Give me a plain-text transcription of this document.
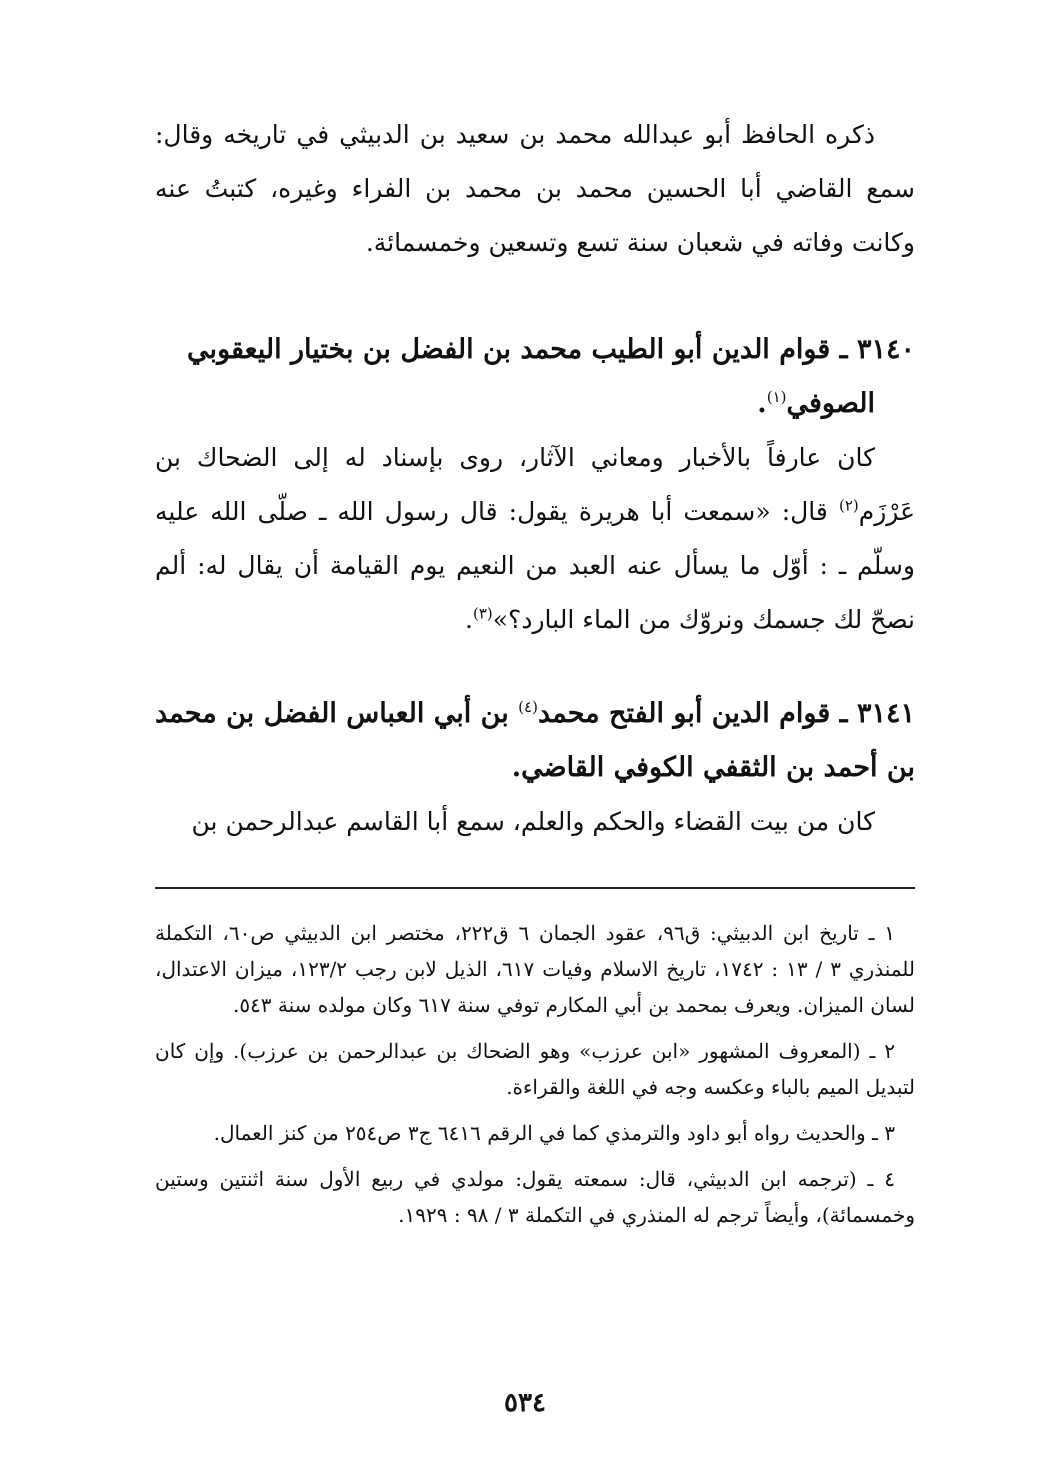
ذكره الحافظ أبو عبدالله محمد بن سعيد بن الدبيثي في تاريخه وقال: سمع القاضي أبا الحسين محمد بن محمد بن الفراء وغيره، كتبتُ عنه وكانت وفاته في شعبان سنة تسع وتسعين وخمسمائة.

٣١٤٠ ـ قوام الدين أبو الطيب محمد بن الفضل بن بختيار اليعقوبي
الصوفي$^{(١)}$.

كان عارفاً بالأخبار ومعاني الآثار، روى بإسناد له إلى الضحاك بن عَرْزَم$^{(٢)}$ قال: «سمعت أبا هريرة يقول: قال رسول الله ـ صلّى الله عليه وسلّم ـ : أوّل ما يسأل عنه العبد من النعيم يوم القيامة أن يقال له: ألم نصحّ لك جسمك ونروّك من الماء البارد؟»$^{(٣)}$.

٣١٤١ ـ قوام الدين أبو الفتح محمد$^{(٤)}$ بن أبي العباس الفضل بن محمد بن أحمد بن الثقفي الكوفي القاضي.

كان من بيت القضاء والحكم والعلم، سمع أبا القاسم عبدالرحمن بن

١ ـ تاريخ ابن الدبيثي: ق٩٦، عقود الجمان ٦ ق٢٢٢، مختصر ابن الدبيثي ص٦٠، التكملة للمنذري ٣ / ١٣ : ١٧٤٢، تاريخ الاسلام وفيات ٦١٧، الذيل لابن رجب ١٢٣/٢، ميزان الاعتدال، لسان الميزان. ويعرف بمحمد بن أبي المكارم توفي سنة ٦١٧ وكان مولده سنة ٥٤٣.

٢ ـ (المعروف المشهور «ابن عرزب» وهو الضحاك بن عبدالرحمن بن عرزب). وإن كان لتبديل الميم بالباء وعكسه وجه في اللغة والقراءة.

٣ ـ والحديث رواه أبو داود والترمذي كما في الرقم ٦٤١٦ ج٣ ص٢٥٤ من كنز العمال.

٤ ـ (ترجمه ابن الدبيثي، قال: سمعته يقول: مولدي في ربيع الأول سنة اثنتين وستين وخمسمائة)، وأيضاً ترجم له المنذري في التكملة ٣ / ٩٨ : ١٩٢٩.

٥٣٤
